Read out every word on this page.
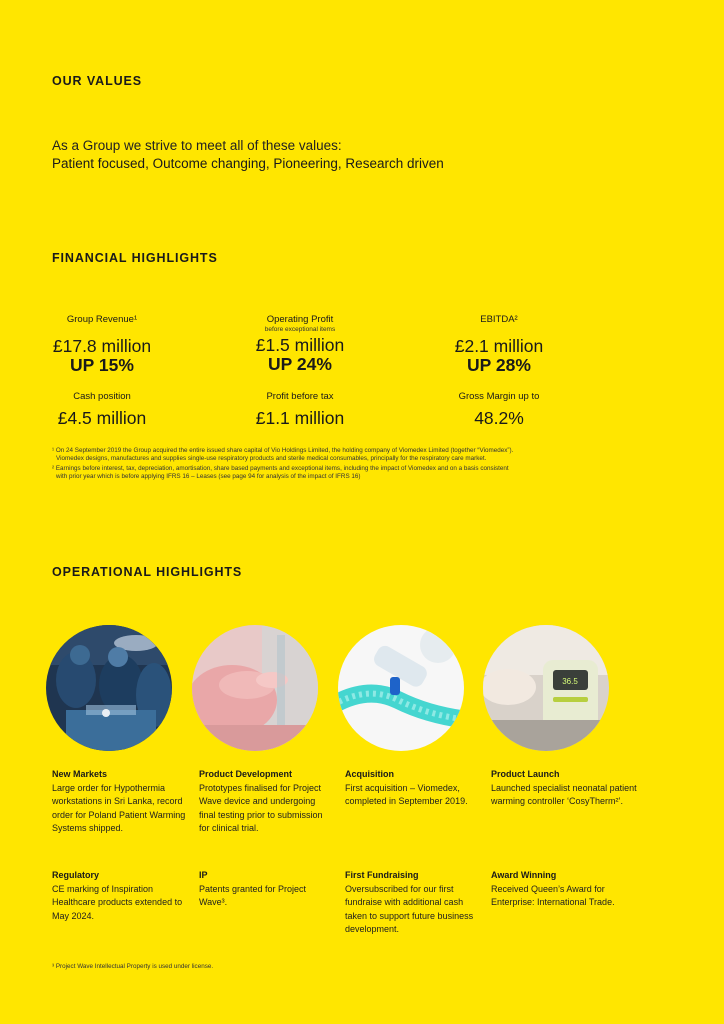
OUR VALUES
As a Group we strive to meet all of these values:
Patient focused, Outcome changing, Pioneering, Research driven
FINANCIAL HIGHLIGHTS
Group Revenue¹
£17.8 million
UP 15%
Operating Profit
before exceptional items
£1.5 million
UP 24%
EBITDA²
£2.1 million
UP 28%
Cash position
£4.5 million
Profit before tax
£1.1 million
Gross Margin up to
48.2%

¹ On 24 September 2019 the Group acquired the entire issued share capital of Vio Holdings Limited, the holding company of Viomedex Limited (together “Viomedex”).

Viomedex designs, manufactures and supplies single-use respiratory products and sterile medical consumables, principally for the respiratory care market.

² Earnings before interest, tax, depreciation, amortisation, share based payments and exceptional items, including the impact of Viomedex and on a basis consistent

with prior year which is before applying IFRS 16 – Leases (see page 94 for analysis of the impact of IFRS 16)

OPERATIONAL HIGHLIGHTS
36.5
New Markets
Large order for Hypothermia workstations in Sri Lanka, record order for Poland Patient Warming Systems shipped.
Product Development
Prototypes finalised for Project Wave device and undergoing final testing prior to submission for clinical trial.
Acquisition
First acquisition – Viomedex, completed in September 2019.
Product Launch
Launched specialist neonatal patient warming controller ‘CosyTherm²’.
Regulatory
CE marking of Inspiration Healthcare products extended to May 2024.
IP
Patents granted for Project Wave³.
First Fundraising
Oversubscribed for our first fundraise with additional cash taken to support future business development.
Award Winning
Received Queen’s Award for Enterprise: International Trade.
³ Project Wave Intellectual Property is used under license.
